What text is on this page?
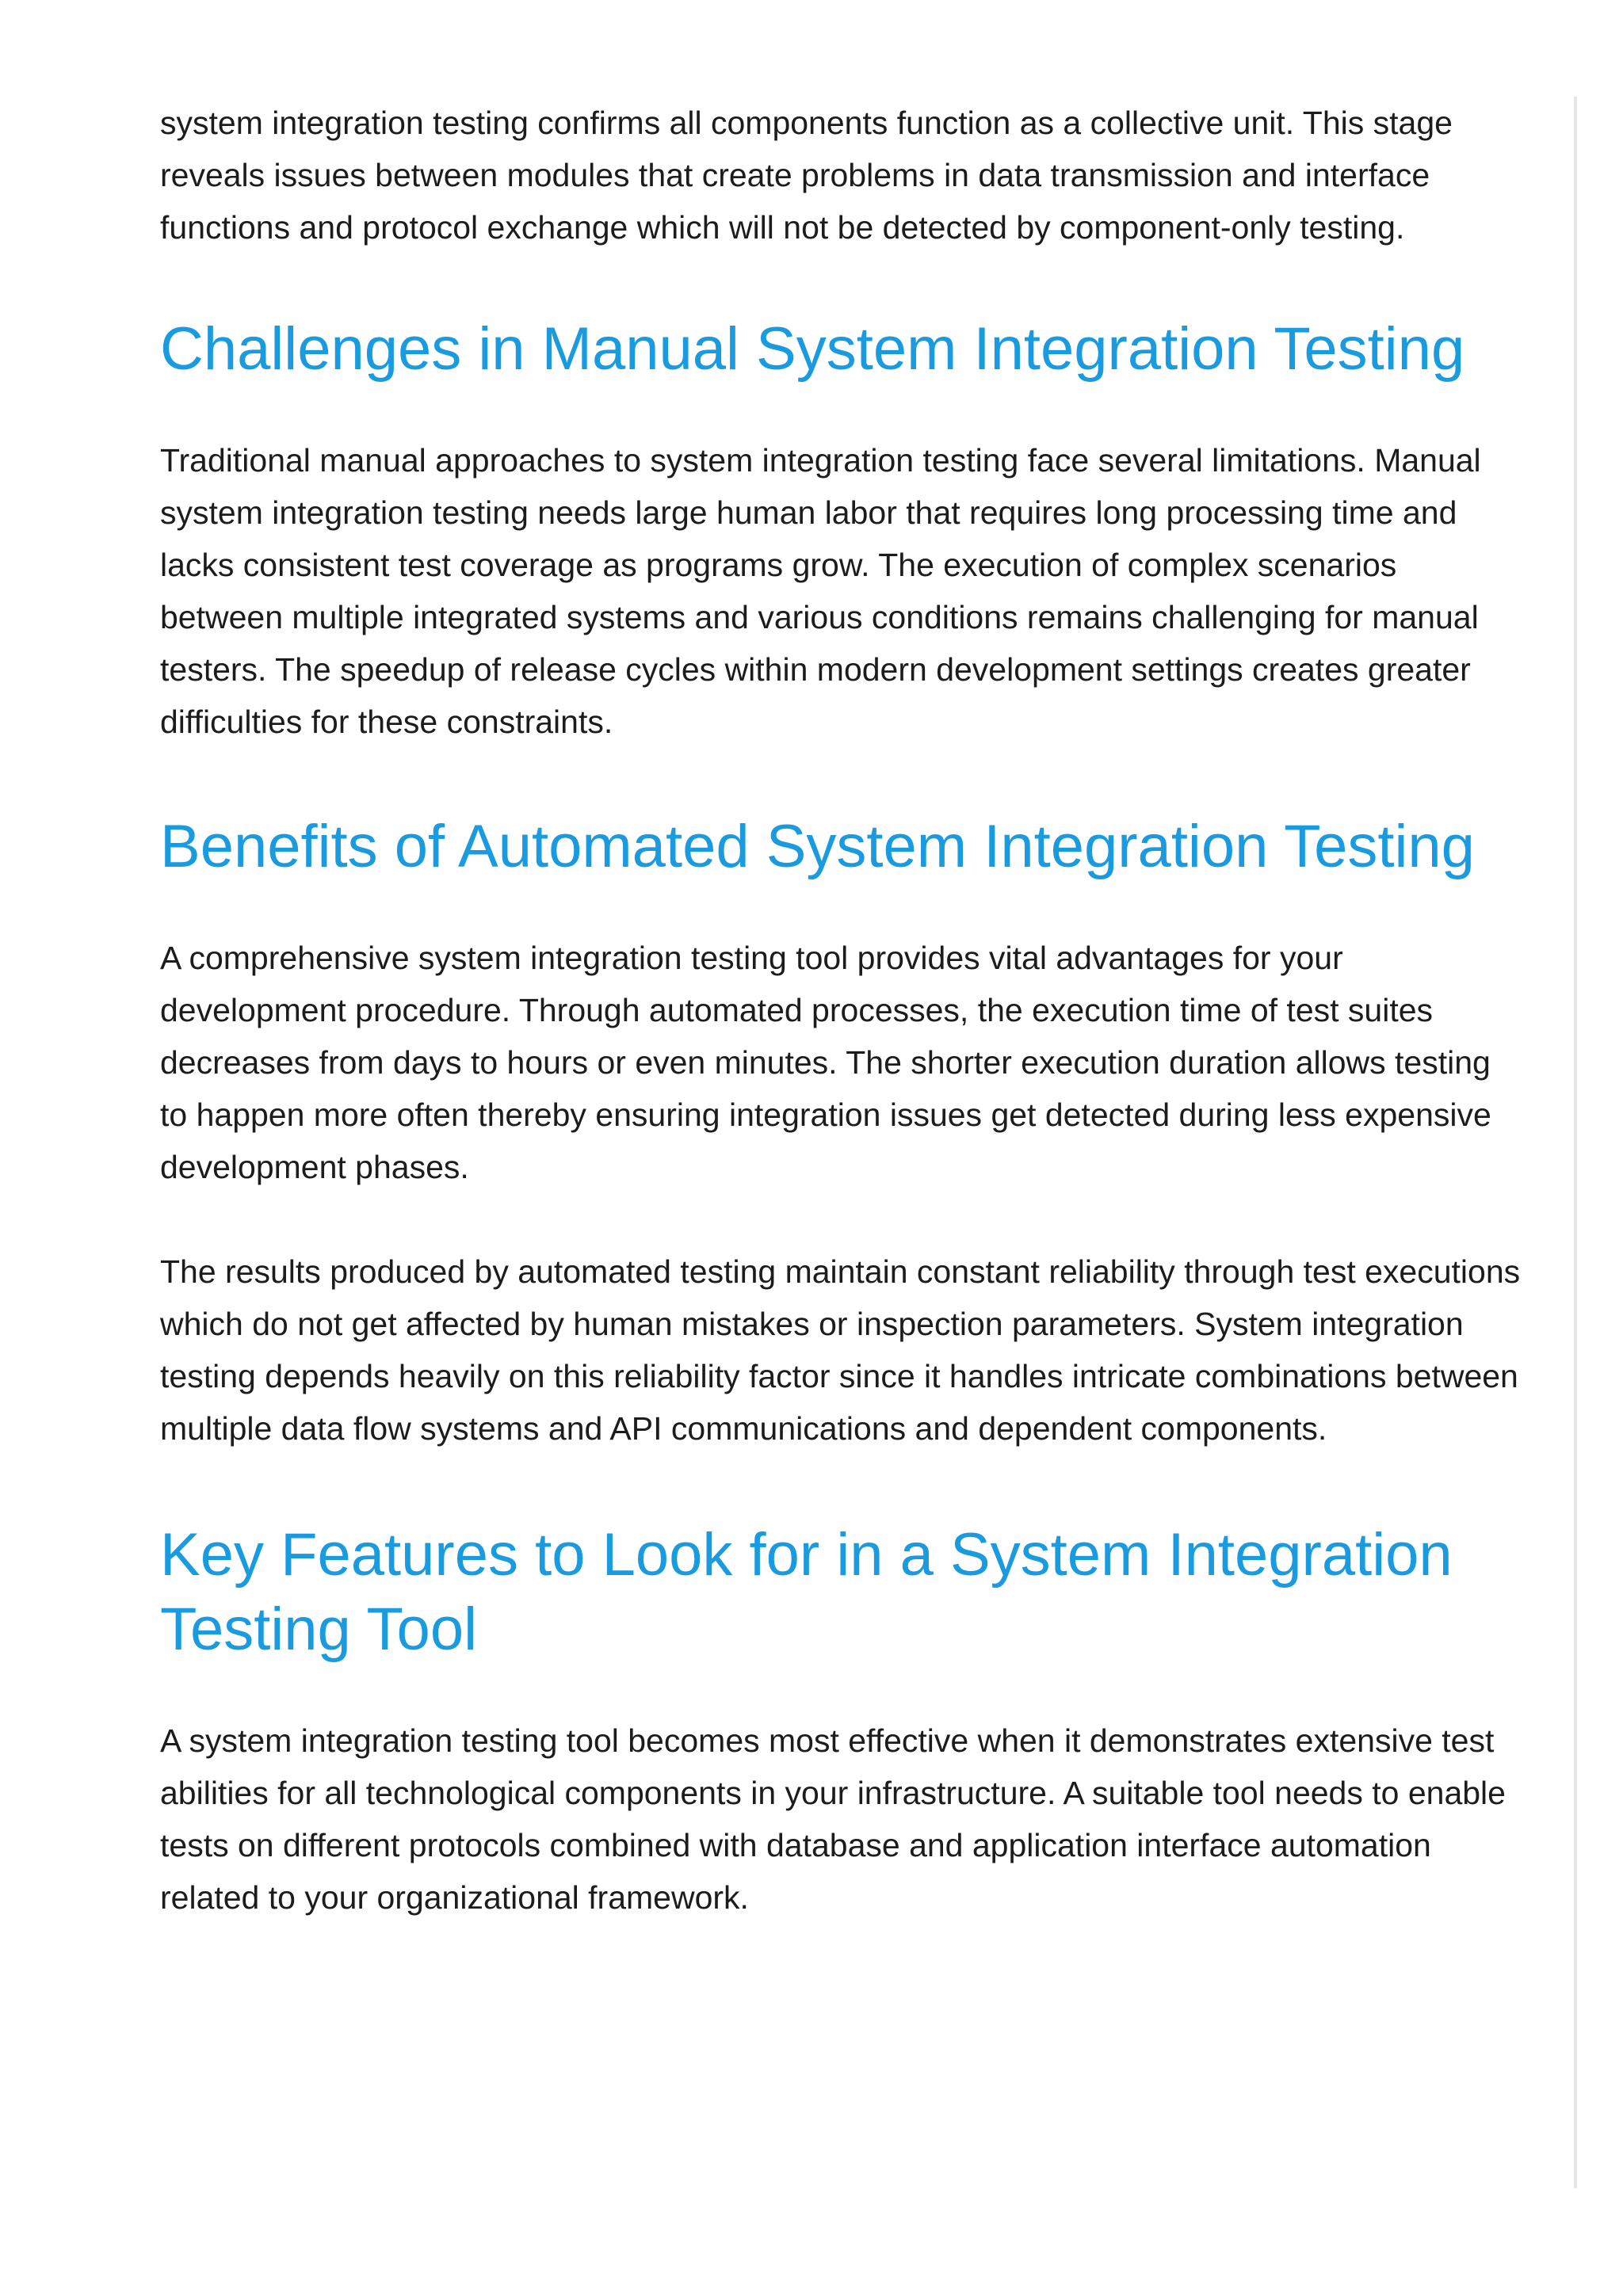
system integration testing confirms all components function as a collective unit. This stage reveals issues between modules that create problems in data transmission and interface functions and protocol exchange which will not be detected by component-only testing.

Challenges in Manual System Integration Testing

Traditional manual approaches to system integration testing face several limitations. Manual system integration testing needs large human labor that requires long processing time and lacks consistent test coverage as programs grow. The execution of complex scenarios between multiple integrated systems and various conditions remains challenging for manual testers. The speedup of release cycles within modern development settings creates greater difficulties for these constraints.

Benefits of Automated System Integration Testing

A comprehensive system integration testing tool provides vital advantages for your development procedure. Through automated processes, the execution time of test suites decreases from days to hours or even minutes. The shorter execution duration allows testing to happen more often thereby ensuring integration issues get detected during less expensive development phases.

The results produced by automated testing maintain constant reliability through test executions which do not get affected by human mistakes or inspection parameters. System integration testing depends heavily on this reliability factor since it handles intricate combinations between multiple data flow systems and API communications and dependent components.

Key Features to Look for in a System Integration Testing Tool

A system integration testing tool becomes most effective when it demonstrates extensive test abilities for all technological components in your infrastructure. A suitable tool needs to enable tests on different protocols combined with database and application interface automation related to your organizational framework.
